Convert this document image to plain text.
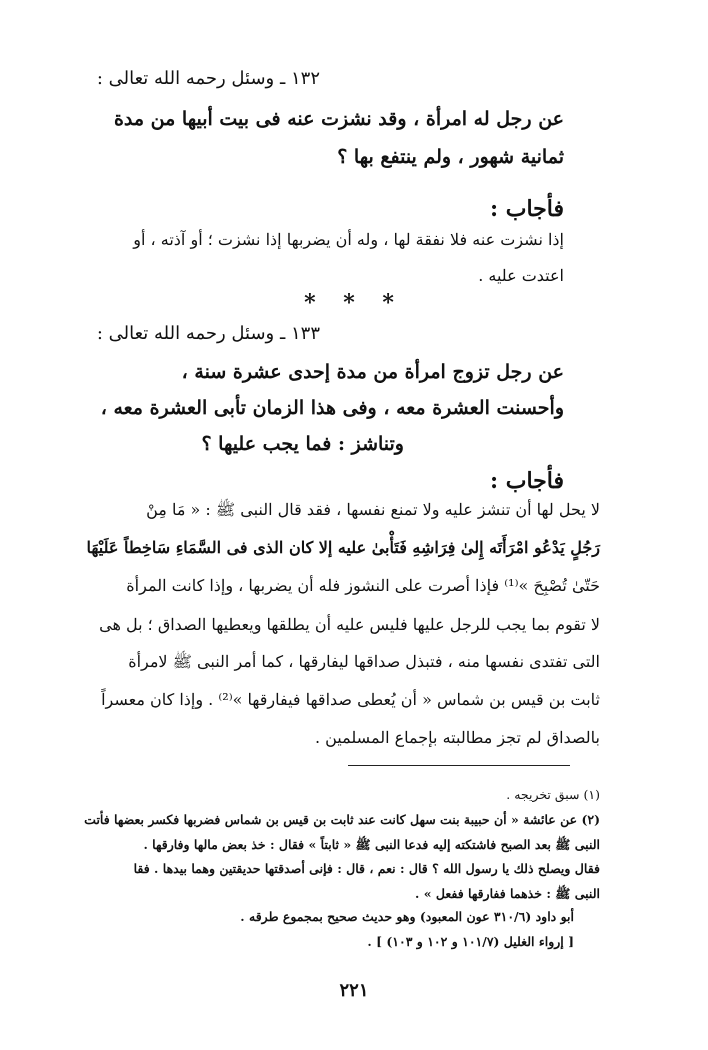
١٣٢ ـ وسئل رحمه الله تعالى :
عن رجل له امرأة ، وقد نشزت عنه فى بيت أبيها من مدة
ثمانية شهور ، ولم ينتفع بها ؟
فأجاب :
إذا نشزت عنه فلا نفقة لها ، وله أن يضربها إذا نشزت ؛ أو آذته ، أو
اعتدت عليه .
* * *
١٣٣ ـ وسئل رحمه الله تعالى :
عن رجل تزوج امرأة من مدة إحدى عشرة سنة ،
وأحسنت العشرة معه ، وفى هذا الزمان تأبى العشرة معه ،
وتناشز : فما يجب عليها ؟
فأجاب :
لا يحل لها أن تنشز عليه ولا تمنع نفسها ، فقد قال النبى ﷺ : « مَا مِنْ
رَجُلٍ يَدْعُو امْرَأَتَه إِلىٰ فِرَاشِهِ فَتَأْبىٰ عليه إلا كان الذى فى السَّمَاءِ سَاخِطاً عَلَيْهَا
حَتّىٰ تُصْبِحَ »⁽¹⁾ فإذا أصرت على النشوز فله أن يضربها ، وإذا كانت المرأة
لا تقوم بما يجب للرجل عليها فليس عليه أن يطلقها ويعطيها الصداق ؛ بل هى
التى تفتدى نفسها منه ، فتبذل صداقها ليفارقها ، كما أمر النبى ﷺ لامرأة
ثابت بن قيس بن شماس « أن يُعطى صداقها فيفارقها »⁽²⁾ . وإذا كان معسراً
بالصداق لم تجز مطالبته بإجماع المسلمين .
(١) سبق تخريجه .
(٢) عن عائشة « أن حبيبة بنت سهل كانت عند ثابت بن قيس بن شماس فضربها فكسر بعضها فأتت
النبى ﷺ بعد الصبح فاشتكته إليه فدعا النبى ﷺ « ثابتاً » فقال : خذ بعض مالها وفارقها .
فقال ويصلح ذلك يا رسول الله ؟ قال : نعم ، قال : فإنى أصدقتها حديقتين وهما بيدها . فقا
النبى ﷺ : خذهما ففارقها ففعل » .
أبو داود (٣١٠/٦ عون المعبود) وهو حديث صحيح بمجموع طرقه .
[ إرواء الغليل (١٠١/٧ و ١٠٢ و ١٠٣) ] .
٢٢١
